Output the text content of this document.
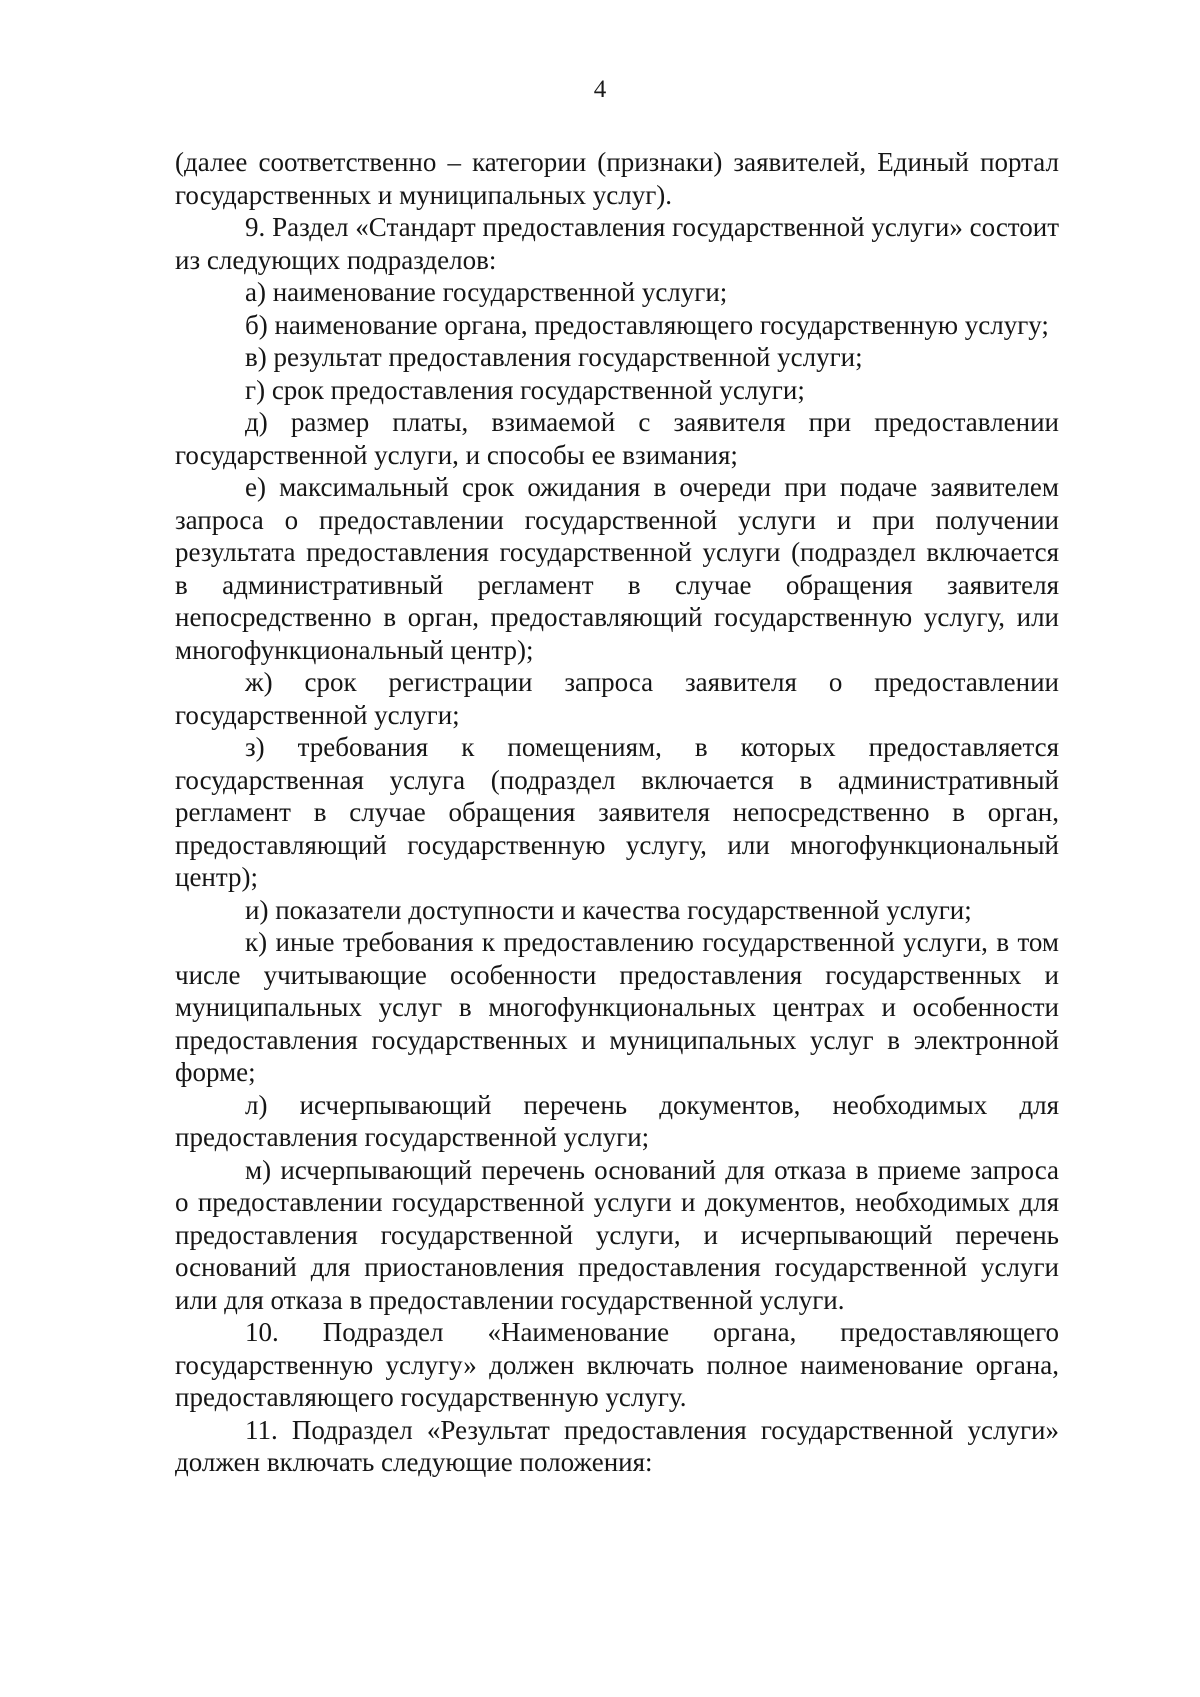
4

(далее соответственно – категории (признаки) заявителей, Единый портал государственных и муниципальных услуг).

9. Раздел «Стандарт предоставления государственной услуги» состоит из следующих подразделов:

а) наименование государственной услуги;

б) наименование органа, предоставляющего государственную услугу;

в) результат предоставления государственной услуги;

г) срок предоставления государственной услуги;

д) размер платы, взимаемой с заявителя при предоставлении государственной услуги, и способы ее взимания;

е) максимальный срок ожидания в очереди при подаче заявителем запроса о предоставлении государственной услуги и при получении результата предоставления государственной услуги (подраздел включается в административный регламент в случае обращения заявителя непосредственно в орган, предоставляющий государственную услугу, или многофункциональный центр);

ж) срок регистрации запроса заявителя о предоставлении государственной услуги;

з) требования к помещениям, в которых предоставляется государственная услуга (подраздел включается в административный регламент в случае обращения заявителя непосредственно в орган, предоставляющий государственную услугу, или многофункциональный центр);

и) показатели доступности и качества государственной услуги;

к) иные требования к предоставлению государственной услуги, в том числе учитывающие особенности предоставления государственных и муниципальных услуг в многофункциональных центрах и особенности предоставления государственных и муниципальных услуг в электронной форме;

л) исчерпывающий перечень документов, необходимых для предоставления государственной услуги;

м) исчерпывающий перечень оснований для отказа в приеме запроса о предоставлении государственной услуги и документов, необходимых для предоставления государственной услуги, и исчерпывающий перечень оснований для приостановления предоставления государственной услуги или для отказа в предоставлении государственной услуги.

10. Подраздел «Наименование органа, предоставляющего государственную услугу» должен включать полное наименование органа, предоставляющего государственную услугу.

11. Подраздел «Результат предоставления государственной услуги» должен включать следующие положения:
